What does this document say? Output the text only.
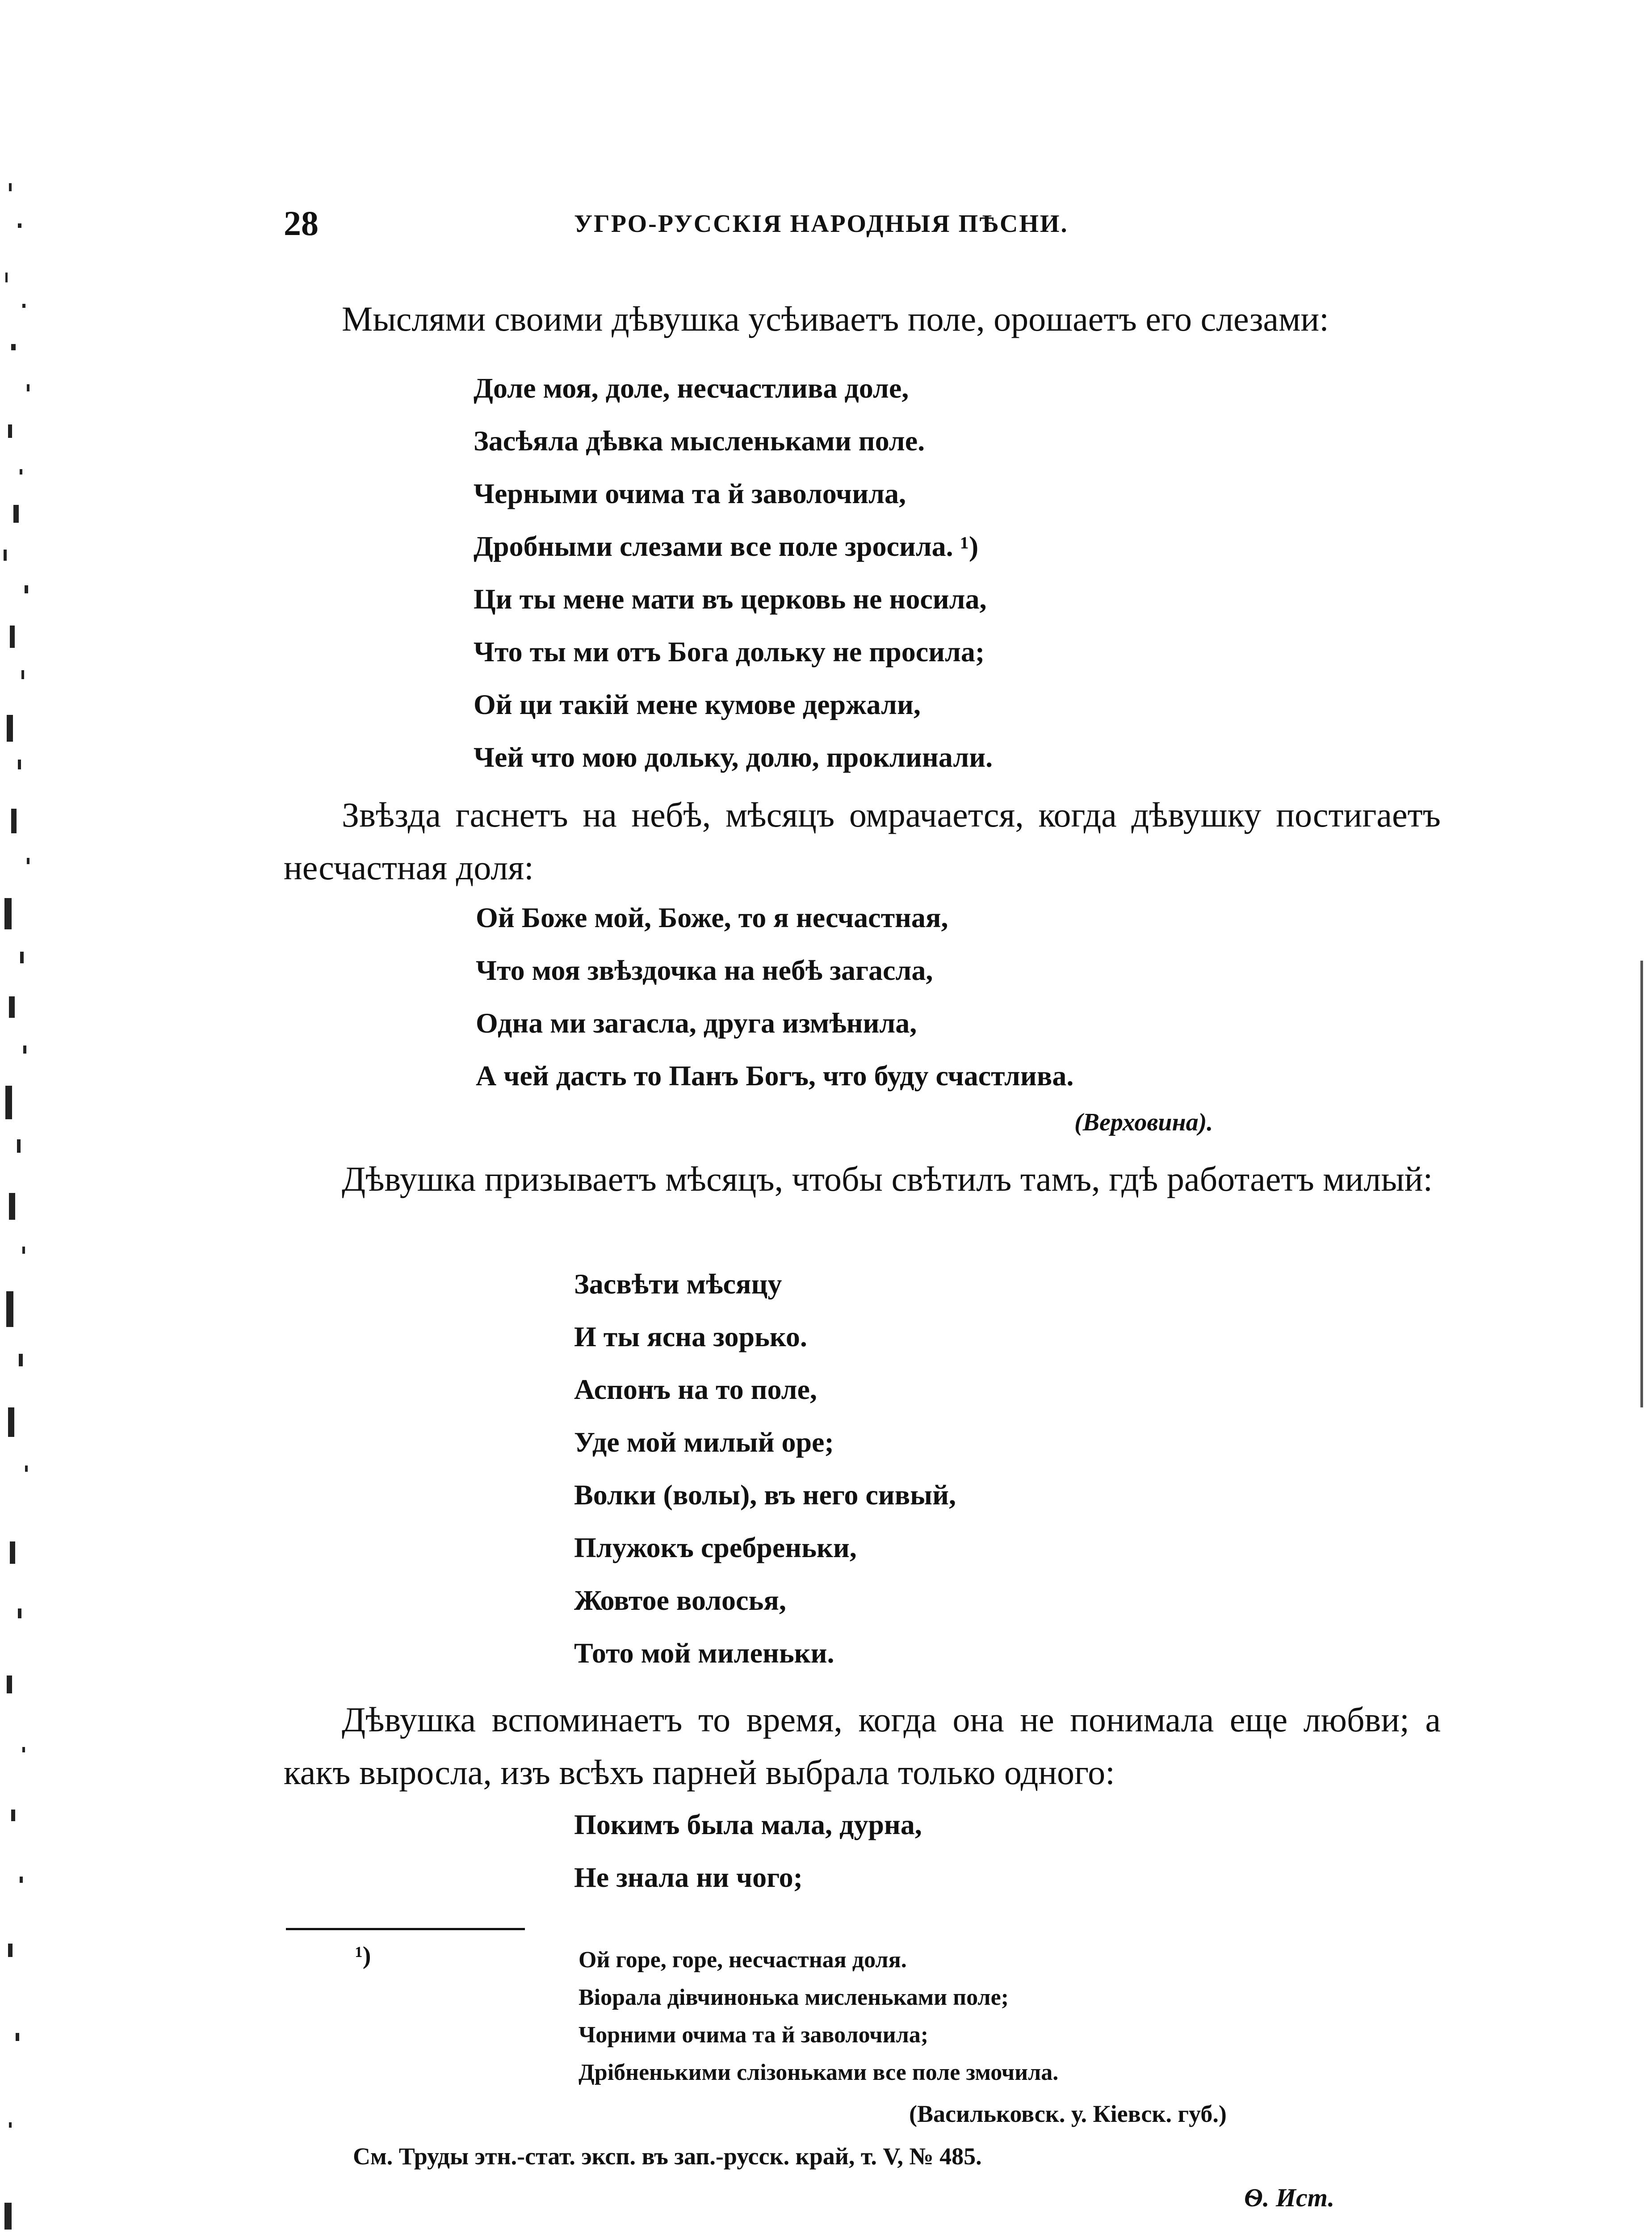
28	УГРО-РУССКІЯ НАРОДНЫЯ ПѢСНИ.

Мыслями своими дѣвушка усѣиваетъ поле, орошаетъ его слезами:

Доле моя, доле, несчастлива доле,
Засѣяла дѣвка мысленьками поле.
Черными очима та й заволочила,
Дробными слезами все поле зросила. ¹)
Ци ты мене мати въ церковь не носила,
Что ты ми отъ Бога дольку не просила;
Ой ци такій мене кумове держали,
Чей что мою дольку, долю, проклинали.

Звѣзда гаснетъ на небѣ, мѣсяцъ омрачается, когда дѣвушку постигаетъ несчастная доля:

Ой Боже мой, Боже, то я несчастная,
Что моя звѣздочка на небѣ загасла,
Одна ми загасла, друга измѣнила,
А чей дасть то Панъ Богъ, что буду счастлива.
(Верховина).

Дѣвушка призываетъ мѣсяцъ, чтобы свѣтилъ тамъ, гдѣ работаетъ милый:

Засвѣти мѣсяцу
И ты ясна зорько.
Аспонъ на то поле,
Уде мой милый оре;
Волки (волы), въ него сивый,
Плужокъ сребреньки,
Жовтое волосья,
Тото мой миленьки.

Дѣвушка вспоминаетъ то время, когда она не понимала еще любви; а какъ выросла, изъ всѣхъ парней выбрала только одного:

Покимъ была мала, дурна,
Не знала ни чого;
¹)	Ой горе, горе, несчастная доля.
Віорала дівчинонька мисленьками поле;
Чорними очима та й заволочила;
Дрібненькими слізоньками все поле змочила.
(Васильковск. у. Кіевск. губ.)
См. Труды этн.-стат. эксп. въ зап.-русск. край, т. V, № 485.
Ѳ. Ист.
